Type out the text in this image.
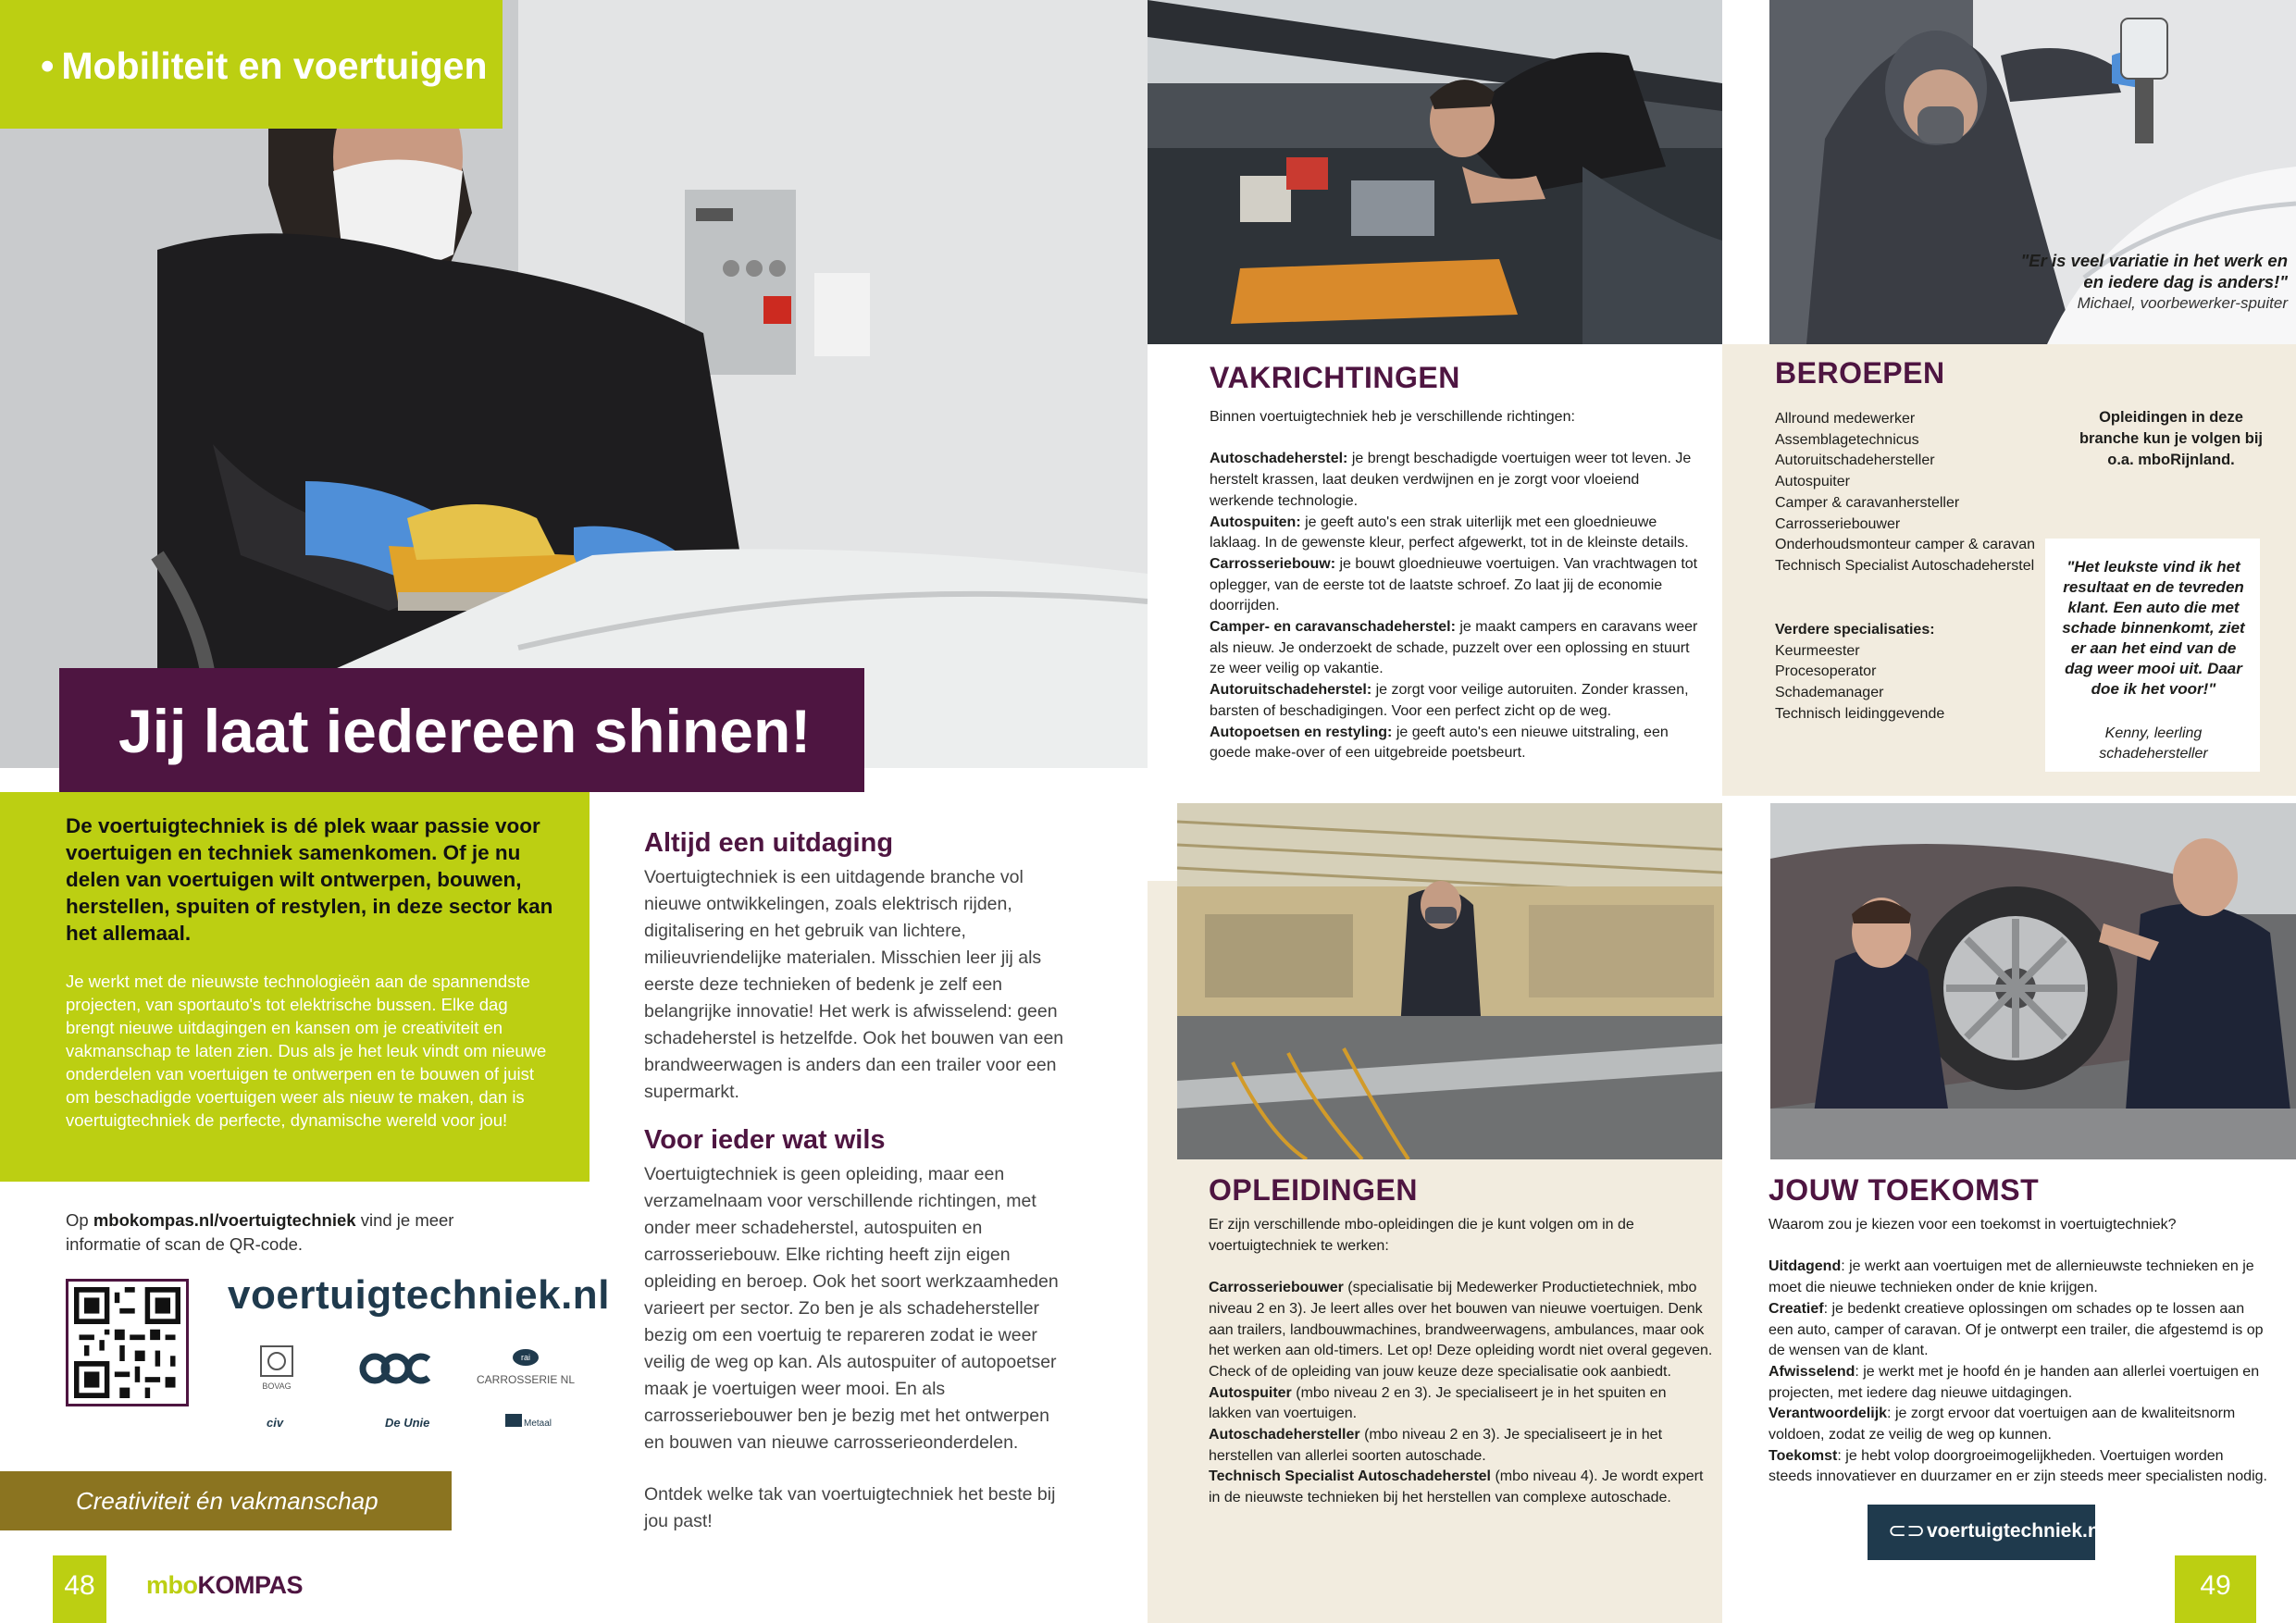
• Mobiliteit en voertuigen
Jij laat iedereen shinen!

De voertuigtechniek is dé plek waar passie voor voertuigen en techniek samenkomen. Of je nu delen van voertuigen wilt ontwerpen, bouwen, herstellen, spuiten of restylen, in deze sector kan het allemaal.

Je werkt met de nieuwste technologieën aan de spannendste projecten, van sportauto's tot elektrische bussen. Elke dag brengt nieuwe uitdagingen en kansen om je creativiteit en vakmanschap te laten zien. Dus als je het leuk vindt om nieuwe onderdelen van voertuigen te ontwerpen en te bouwen of juist om beschadigde voertuigen weer als nieuw te maken, dan is voertuigtechniek de perfecte, dynamische wereld voor jou!

Op mbokompas.nl/voertuigtechniek vind je meer informatie of scan de QR-code.

voertuigtechniek.nl
BOVAG
OOC
rai
CARROSSERIE NL
civ	De Unie	Metaal
Creativiteit én vakmanschap
48	mboKOMPAS
Altijd een uitdaging

Voertuigtechniek is een uitdagende branche vol nieuwe ontwikkelingen, zoals elektrisch rijden, digitalisering en het gebruik van lichtere, milieuvriendelijke materialen. Misschien leer jij als eerste deze technieken of bedenk je zelf een belangrijke innovatie! Het werk is afwisselend: geen schadeherstel is hetzelfde. Ook het bouwen van een brandweerwagen is anders dan een trailer voor een supermarkt.

Voor ieder wat wils

Voertuigtechniek is geen opleiding, maar een verzamelnaam voor verschillende richtingen, met onder meer schadeherstel, autospuiten en carrosseriebouw. Elke richting heeft zijn eigen opleiding en beroep. Ook het soort werkzaamheden varieert per sector. Zo ben je als schadehersteller bezig om een voertuig te repareren zodat ie weer veilig de weg op kan. Als autospuiter of autopoetser maak je voertuigen weer mooi. En als carrosseriebouwer ben je bezig met het ontwerpen en bouwen van nieuwe carrosserieonderdelen.

Ontdek welke tak van voertuigtechniek het beste bij jou past!

"Er is veel variatie in het werk en en iedere dag is anders!"

Michael, voorbewerker-spuiter

VAKRICHTINGEN

Binnen voertuigtechniek heb je verschillende richtingen:

Autoschadeherstel: je brengt beschadigde voertuigen weer tot leven. Je herstelt krassen, laat deuken verdwijnen en je zorgt voor vloeiend werkende technologie.

Autospuiten: je geeft auto's een strak uiterlijk met een gloednieuwe laklaag. In de gewenste kleur, perfect afgewerkt, tot in de kleinste details.

Carrosseriebouw: je bouwt gloednieuwe voertuigen. Van vrachtwagen tot oplegger, van de eerste tot de laatste schroef. Zo laat jij de economie doorrijden.

Camper- en caravanschadeherstel: je maakt campers en caravans weer als nieuw. Je onderzoekt de schade, puzzelt over een oplossing en stuurt ze weer veilig op vakantie.

Autoruitschadeherstel: je zorgt voor veilige autoruiten. Zonder krassen, barsten of beschadigingen. Voor een perfect zicht op de weg.

Autopoetsen en restyling: je geeft auto's een nieuwe uitstraling, een goede make-over of een uitgebreide poetsbeurt.

BEROEPEN

Allround medewerker

Assemblagetechnicus

Autoruitschadehersteller

Autospuiter

Camper & caravanhersteller

Carrosseriebouwer

Onderhoudsmonteur camper & caravan

Technisch Specialist Autoschadeherstel

Verdere specialisaties:

Keurmeester

Procesoperator

Schademanager

Technisch leidinggevende

Opleidingen in deze branche kun je volgen bij o.a. mboRijnland.

"Het leukste vind ik het resultaat en de tevreden klant. Een auto die met schade binnenkomt, ziet er aan het eind van de dag weer mooi uit. Daar doe ik het voor!"

Kenny, leerling schadehersteller

OPLEIDINGEN

Er zijn verschillende mbo-opleidingen die je kunt volgen om in de voertuigtechniek te werken:

Carrosseriebouwer (specialisatie bij Medewerker Productietechniek, mbo niveau 2 en 3). Je leert alles over het bouwen van nieuwe voertuigen. Denk aan trailers, landbouwmachines, brandweerwagens, ambulances, maar ook het werken aan old-timers. Let op! Deze opleiding wordt niet overal gegeven. Check of de opleiding van jouw keuze deze specialisatie ook aanbiedt.

Autospuiter (mbo niveau 2 en 3). Je specialiseert je in het spuiten en lakken van voertuigen.

Autoschadehersteller (mbo niveau 2 en 3). Je specialiseert je in het herstellen van allerlei soorten autoschade.

Technisch Specialist Autoschadeherstel (mbo niveau 4). Je wordt expert in de nieuwste technieken bij het herstellen van complexe autoschade.

JOUW TOEKOMST

Waarom zou je kiezen voor een toekomst in voertuigtechniek?

Uitdagend: je werkt aan voertuigen met de allernieuwste technieken en je moet die nieuwe technieken onder de knie krijgen.

Creatief: je bedenkt creatieve oplossingen om schades op te lossen aan een auto, camper of caravan. Of je ontwerpt een trailer, die afgestemd is op de wensen van de klant.

Afwisselend: je werkt met je hoofd én je handen aan allerlei voertuigen en projecten, met iedere dag nieuwe uitdagingen.

Verantwoordelijk: je zorgt ervoor dat voertuigen aan de kwaliteitsnorm voldoen, zodat ze veilig de weg op kunnen.

Toekomst: je hebt volop doorgroeimogelijkheden. Voertuigen worden steeds innovatiever en duurzamer en er zijn steeds meer specialisten nodig.

⊂⊃ voertuigtechniek.nl
49
